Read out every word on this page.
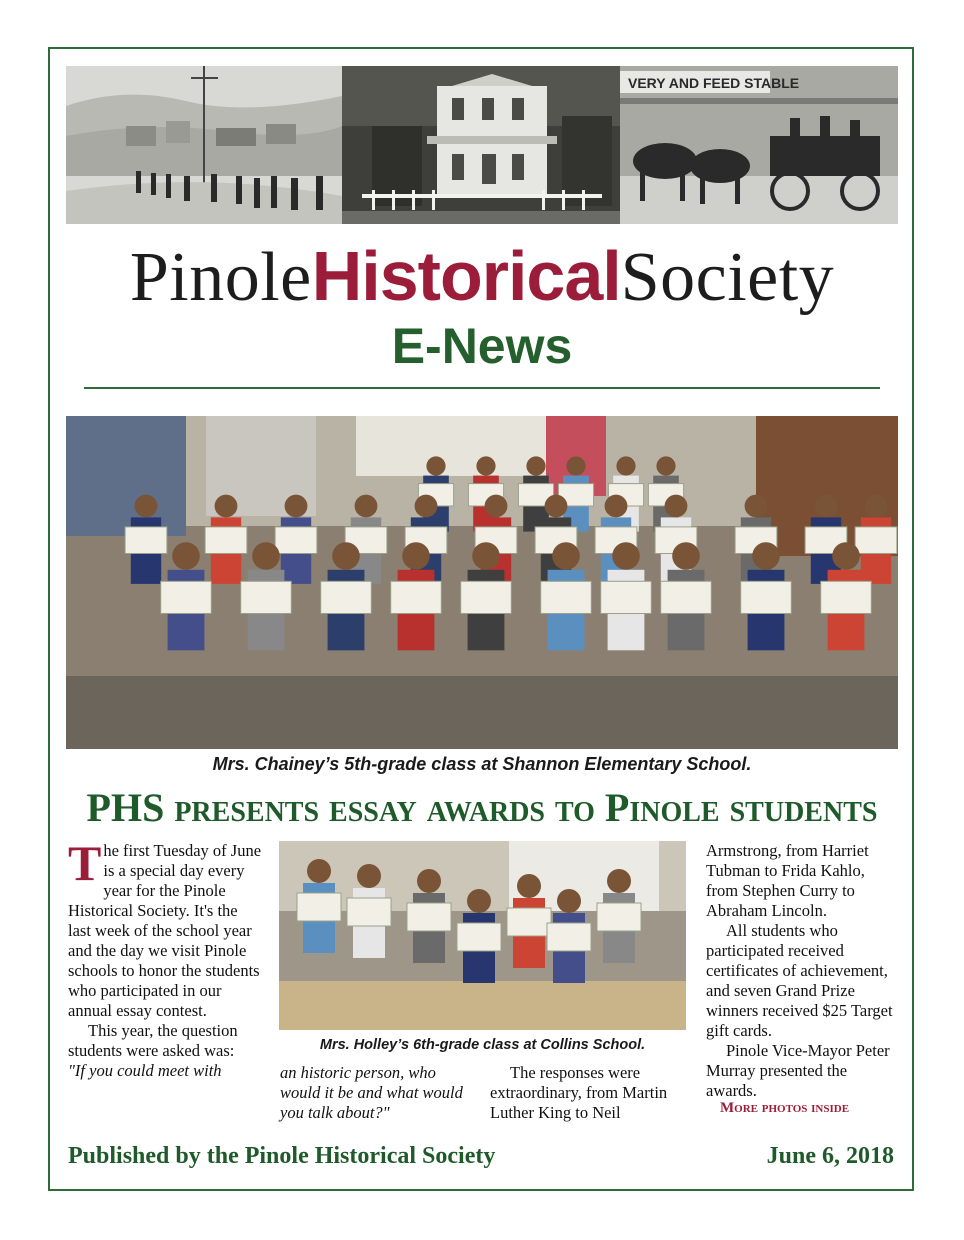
VERY AND FEED STABLE
PinoleHistoricalSociety
E-News
Mrs. Chainey’s 5th-grade class at Shannon Elementary School.
PHS presents essay awards to Pinole students

The first Tuesday of June is a special day every year for the Pinole Historical Society. It's the last week of the school year and the day we visit Pinole schools to honor the students who participated in our annual essay contest.

This year, the question students were asked was:

"If you could meet with

Mrs. Holley’s 6th-grade class at Collins School.

an historic person, who would it be and what would you talk about?"

The responses were extraordinary, from Martin Luther King to Neil

Armstrong, from Harriet Tubman to Frida Kahlo, from Stephen Curry to Abraham Lincoln.

All students who participated received certificates of achievement, and seven Grand Prize winners received $25 Target gift cards.

Pinole Vice-Mayor Peter Murray presented the awards.

More photos inside
Published by the Pinole Historical Society	June 6, 2018
